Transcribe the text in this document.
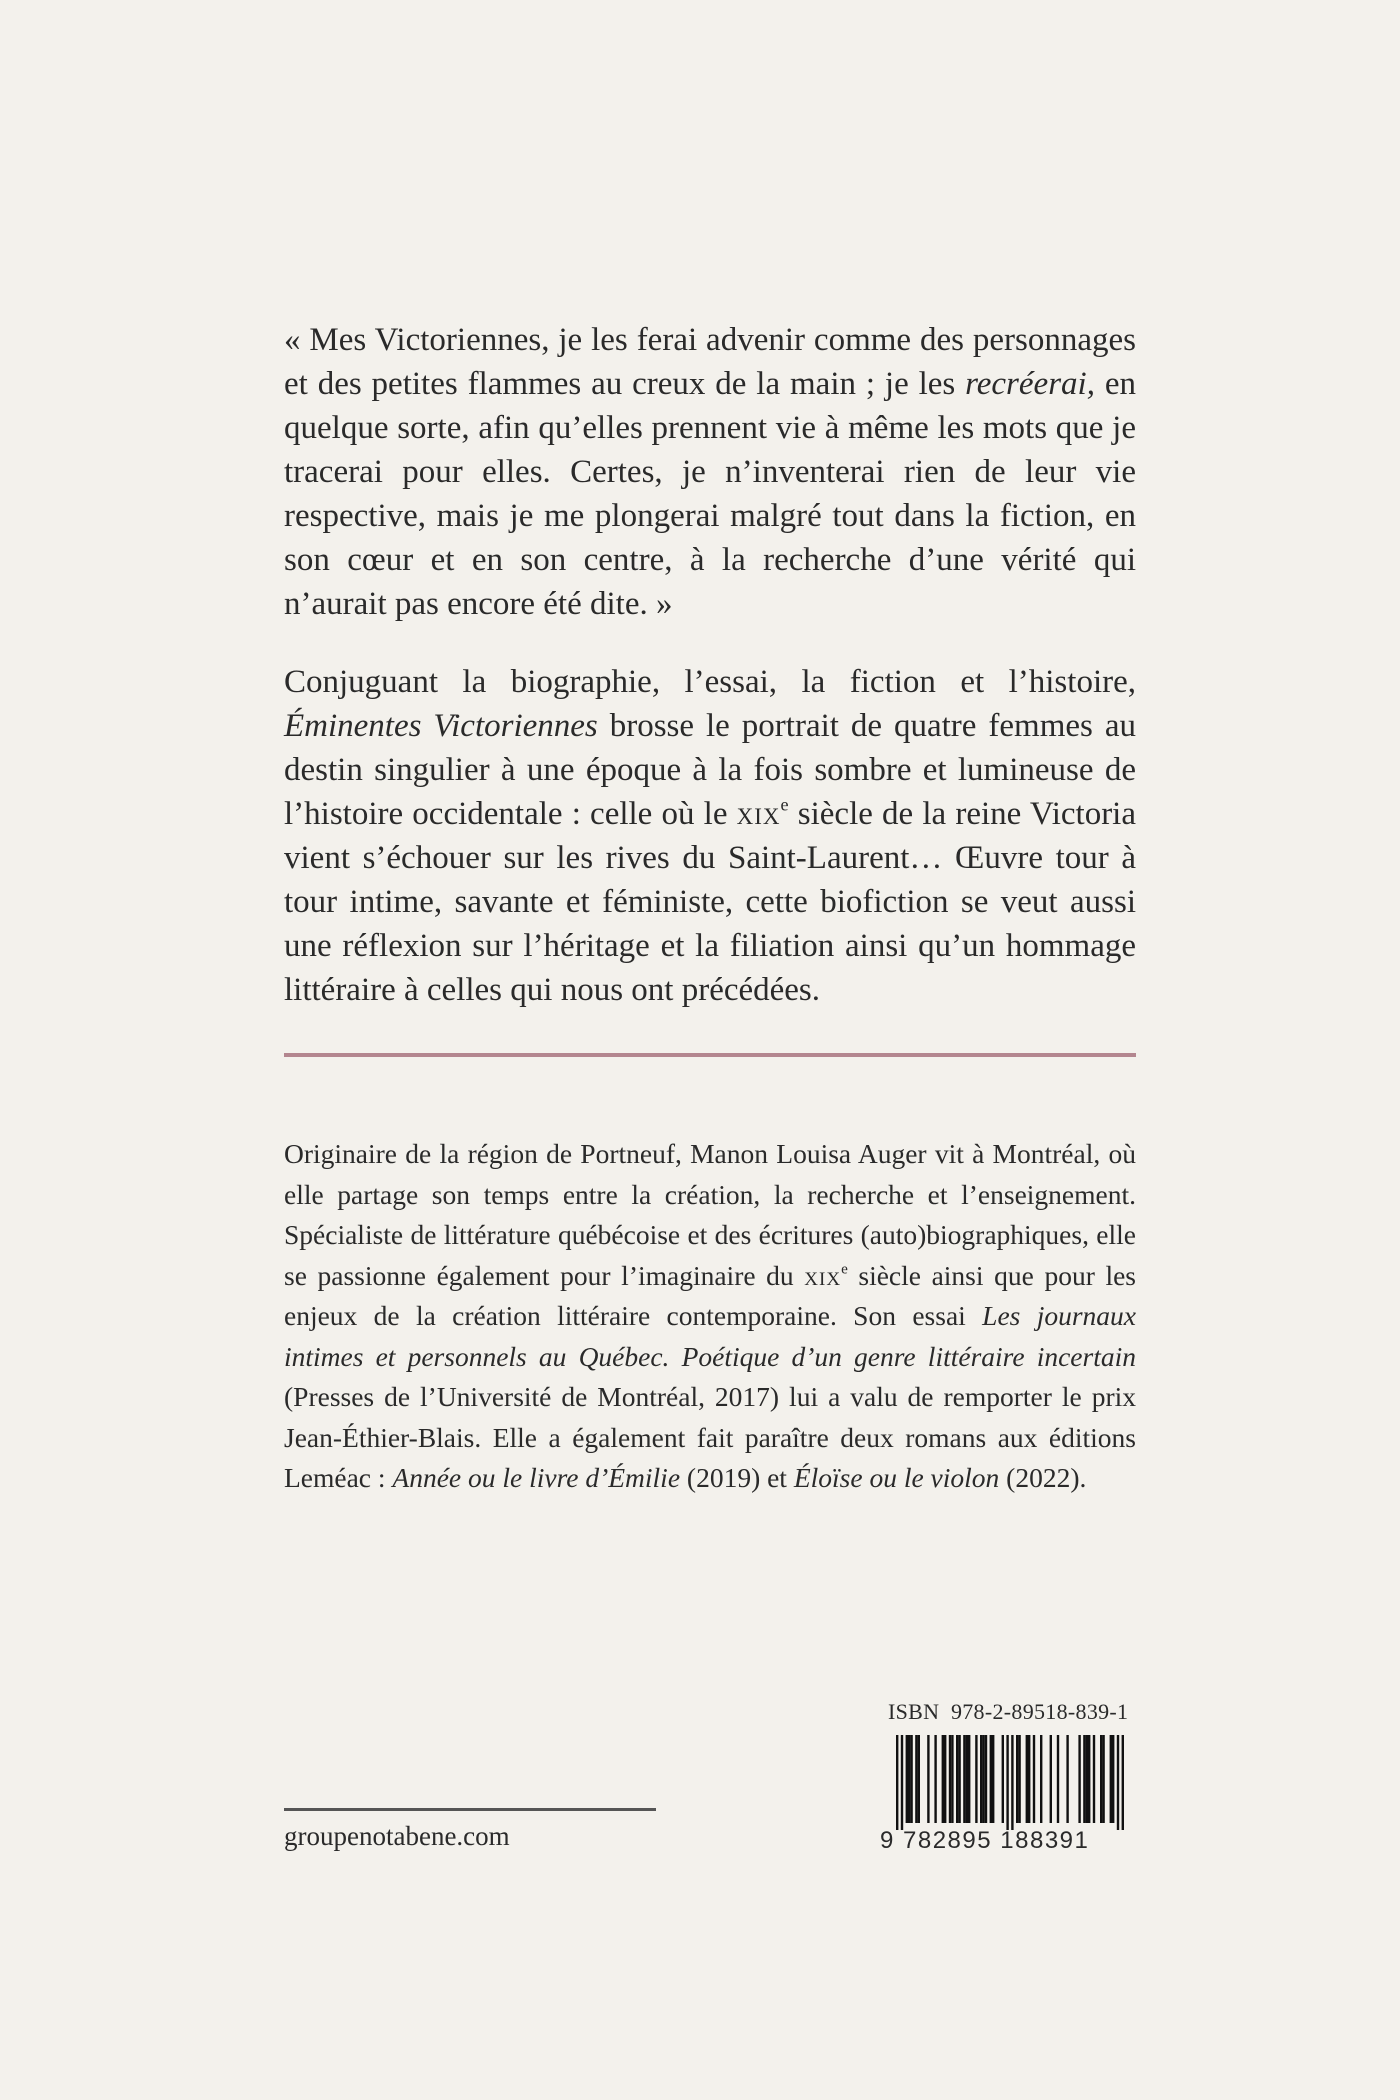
« Mes Victoriennes, je les ferai advenir comme des personnages et des petites flammes au creux de la main ; je les recréerai, en quelque sorte, afin qu’elles prennent vie à même les mots que je tracerai pour elles. Certes, je n’inventerai rien de leur vie respective, mais je me plongerai malgré tout dans la fiction, en son cœur et en son centre, à la recherche d’une vérité qui n’aurait pas encore été dite. »
Conjuguant la biographie, l’essai, la fiction et l’histoire, Éminentes Victoriennes brosse le portrait de quatre femmes au destin singulier à une époque à la fois sombre et lumineuse de l’histoire occidentale : celle où le xix$^e$ siècle de la reine Victoria vient s’échouer sur les rives du Saint-Laurent… Œuvre tour à tour intime, savante et féministe, cette biofiction se veut aussi une réflexion sur l’héritage et la filiation ainsi qu’un hommage littéraire à celles qui nous ont précédées.
Originaire de la région de Portneuf, Manon Louisa Auger vit à Montréal, où elle partage son temps entre la création, la recherche et l’enseignement. Spécialiste de littérature québécoise et des écritures (auto)biographiques, elle se passionne également pour l’imaginaire du xix$^e$ siècle ainsi que pour les enjeux de la création littéraire contemporaine. Son essai Les journaux intimes et personnels au Québec. Poétique d’un genre littéraire incertain (Presses de l’Université de Montréal, 2017) lui a valu de remporter le prix Jean-Éthier-Blais. Elle a également fait paraître deux romans aux éditions Leméac : Année ou le livre d’Émilie (2019) et Éloïse ou le violon (2022).
ISBN 978-2-89518-839-1
9 782895 188391
groupenotabene.com
